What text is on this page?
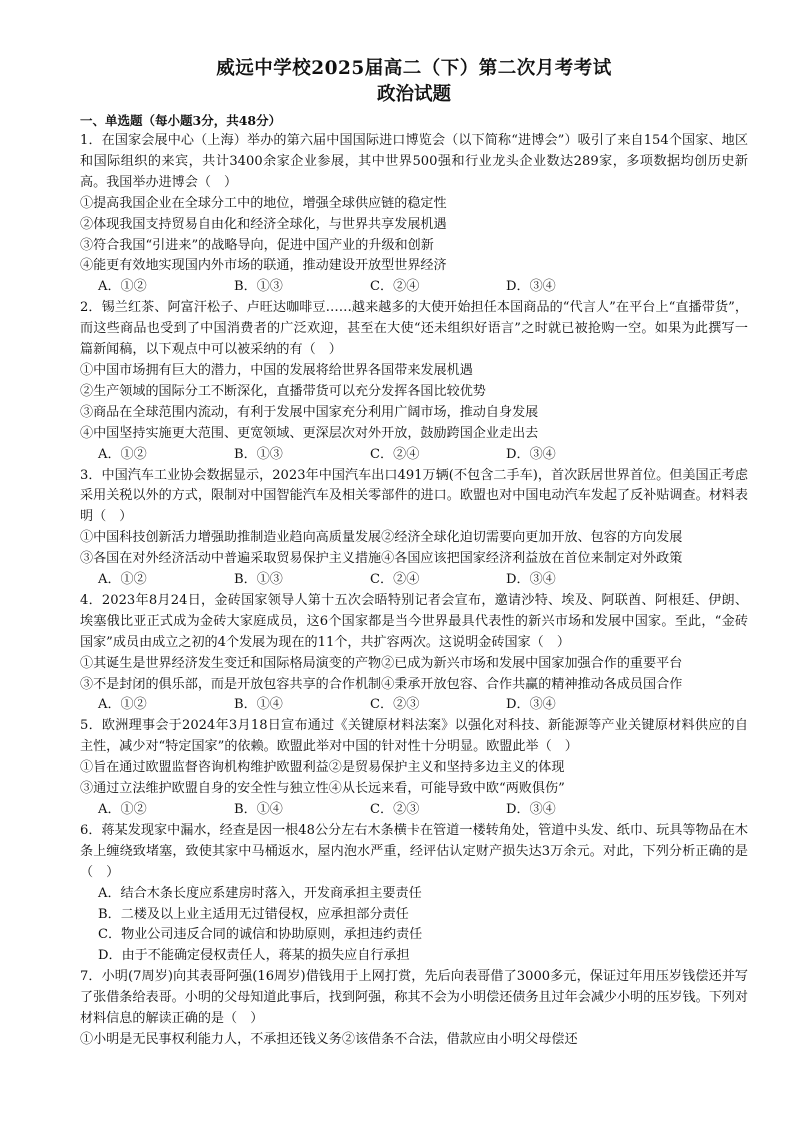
威远中学校2025届高二（下）第二次月考考试
政治试题
一、单选题（每小题3分，共48分）
1．在国家会展中心（上海）举办的第六届中国国际进口博览会（以下简称“进博会”）吸引了来自154个国家、地区和国际组织的来宾，共计3400余家企业参展，其中世界500强和行业龙头企业数达289家，多项数据均创历史新高。我国举办进博会（　）
①提高我国企业在全球分工中的地位，增强全球供应链的稳定性
②体现我国支持贸易自由化和经济全球化，与世界共享发展机遇
③符合我国“引进来”的战略导向，促进中国产业的升级和创新
④能更有效地实现国内外市场的联通，推动建设开放型世界经济
A．①②	B．①③	C．②④	D．③④
2．锡兰红茶、阿富汗松子、卢旺达咖啡豆……越来越多的大使开始担任本国商品的“代言人”在平台上“直播带货”，而这些商品也受到了中国消费者的广泛欢迎，甚至在大使“还未组织好语言”之时就已被抢购一空。如果为此撰写一篇新闻稿，以下观点中可以被采纳的有（　）
①中国市场拥有巨大的潜力，中国的发展将给世界各国带来发展机遇
②生产领域的国际分工不断深化，直播带货可以充分发挥各国比较优势
③商品在全球范围内流动，有利于发展中国家充分利用广阔市场，推动自身发展
④中国坚持实施更大范围、更宽领域、更深层次对外开放，鼓励跨国企业走出去
A．①②	B．①③	C．②④	D．③④
3．中国汽车工业协会数据显示，2023年中国汽车出口491万辆(不包含二手车)，首次跃居世界首位。但美国正考虑采用关税以外的方式，限制对中国智能汽车及相关零部件的进口。欧盟也对中国电动汽车发起了反补贴调查。材料表明（　）
①中国科技创新活力增强助推制造业趋向高质量发展②经济全球化迫切需要向更加开放、包容的方向发展
③各国在对外经济活动中普遍采取贸易保护主义措施④各国应该把国家经济利益放在首位来制定对外政策
A．①②	B．①③	C．②④	D．③④
4．2023年8月24日，金砖国家领导人第十五次会晤特别记者会宣布，邀请沙特、埃及、阿联酋、阿根廷、伊朗、埃塞俄比亚正式成为金砖大家庭成员，这6个国家都是当今世界最具代表性的新兴市场和发展中国家。至此，“金砖国家”成员由成立之初的4个发展为现在的11个，共扩容两次。这说明金砖国家（　）
①其诞生是世界经济发生变迁和国际格局演变的产物②已成为新兴市场和发展中国家加强合作的重要平台
③不是封闭的俱乐部，而是开放包容共享的合作机制④秉承开放包容、合作共赢的精神推动各成员国合作
A．①②	B．①④	C．②③	D．③④
5．欧洲理事会于2024年3月18日宣布通过《关键原材料法案》以强化对科技、新能源等产业关键原材料供应的自主性，减少对“特定国家”的依赖。欧盟此举对中国的针对性十分明显。欧盟此举（　）
①旨在通过欧盟监督咨询机构维护欧盟利益②是贸易保护主义和坚持多边主义的体现
③通过立法维护欧盟自身的安全性与独立性④从长远来看，可能导致中欧“两败俱伤”
A．①②	B．①④	C．②③	D．③④
6．蒋某发现家中漏水，经查是因一根48公分左右木条横卡在管道一楼转角处，管道中头发、纸巾、玩具等物品在木条上缠绕致堵塞，致使其家中马桶返水，屋内泡水严重，经评估认定财产损失达3万余元。对此，下列分析正确的是（　）
A．结合木条长度应系建房时落入，开发商承担主要责任
B．二楼及以上业主适用无过错侵权，应承担部分责任
C．物业公司违反合同的诚信和协助原则，承担违约责任
D．由于不能确定侵权责任人，蒋某的损失应自行承担
7．小明(7周岁)向其表哥阿强(16周岁)借钱用于上网打赏，先后向表哥借了3000多元，保证过年用压岁钱偿还并写了张借条给表哥。小明的父母知道此事后，找到阿强，称其不会为小明偿还债务且过年会减少小明的压岁钱。下列对材料信息的解读正确的是（　）
①小明是无民事权利能力人，不承担还钱义务②该借条不合法，借款应由小明父母偿还
